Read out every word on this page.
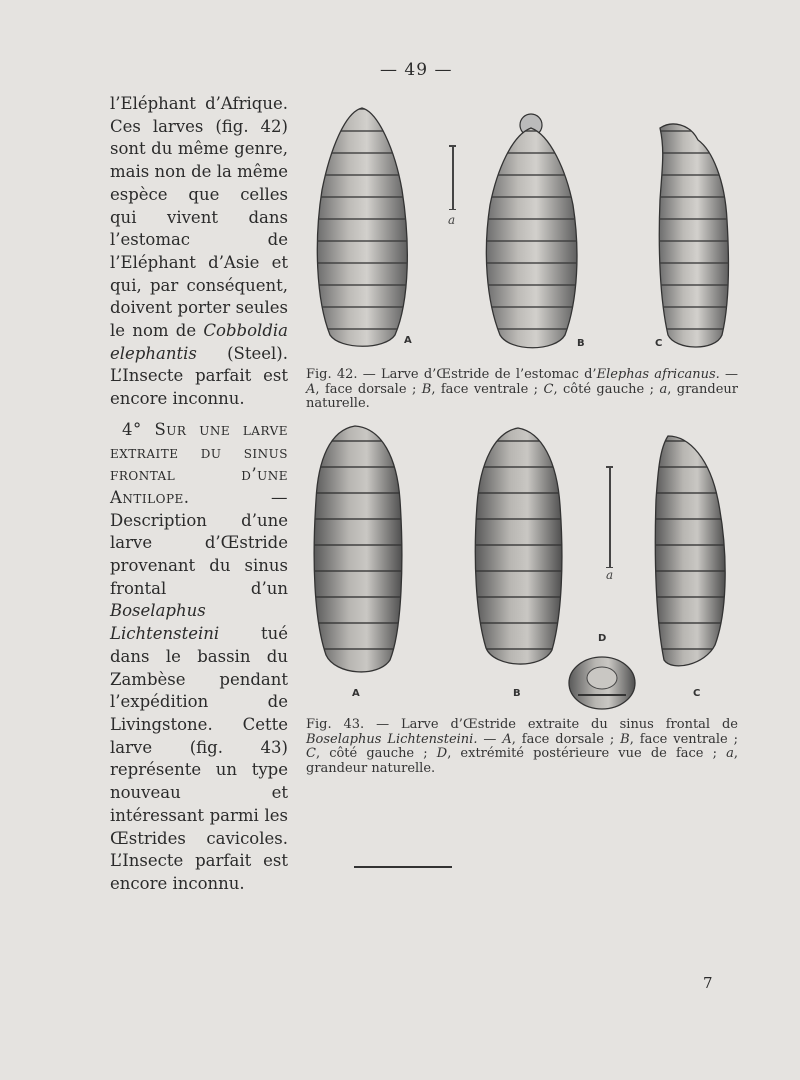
— 49 —

l’Eléphant d’Afrique. Ces larves (fig. 42) sont du même genre, mais non de la même espèce que celles qui vivent dans l’estomac de l’Eléphant d’Asie et qui, par conséquent, doivent porter seules le nom de Cobboldia elephantis (Steel). L’Insecte parfait est encore inconnu.

4° Sur une larve extraite du sinus frontal d’une Antilope. — Description d’une larve d’Œstride provenant du sinus frontal d’un Boselaphus Lichtensteini	tué dans le bassin du Zambèse pendant l’expédition de Livingstone. Cette larve (fig. 43) représente un type nouveau et intéressant parmi les Œstrides cavicoles. L’Insecte parfait est encore inconnu.

A	B	C
a
A	B	C
D
a
Fig. 42. — Larve d’Œstride de l’estomac d’Elephas africanus. — A, face dorsale ; B, face ventrale ; C, côté gauche ; a, grandeur naturelle.
Fig. 43. — Larve d’Œstride extraite du sinus frontal de Boselaphus Lichtensteini. — A, face dorsale ; B, face ventrale ; C, côté gauche ; D, extrémité postérieure vue de face ; a, grandeur naturelle.
7
